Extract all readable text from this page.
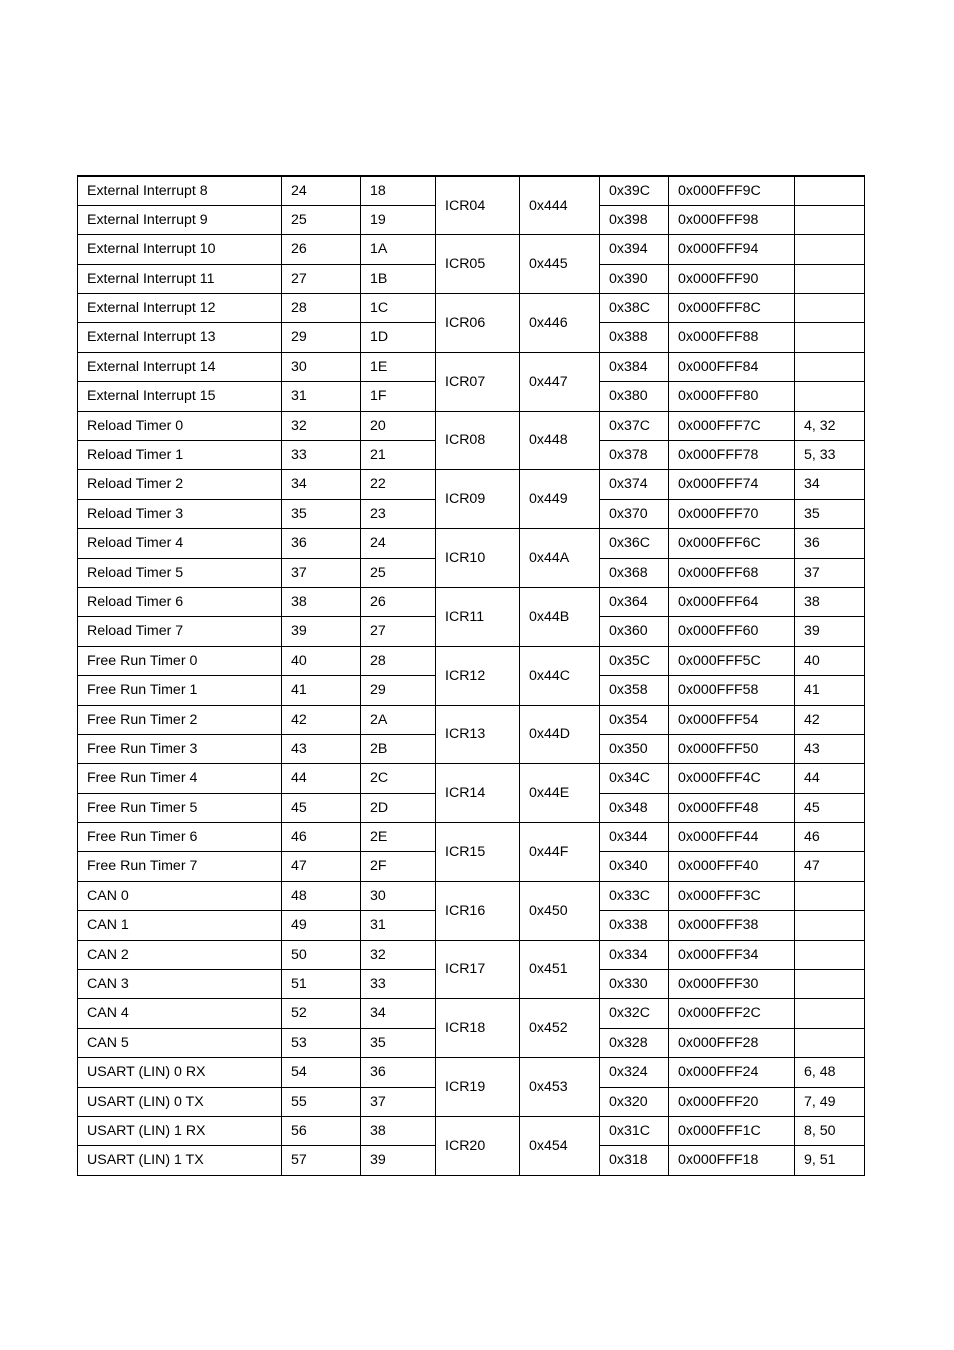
External Interrupt 8	24	18	ICR04	0x444	0x39C	0x000FFF9C	
External Interrupt 9	25	19			0x398	0x000FFF98	
External Interrupt 10	26	1A	ICR05	0x445	0x394	0x000FFF94	
External Interrupt 11	27	1B			0x390	0x000FFF90	
External Interrupt 12	28	1C	ICR06	0x446	0x38C	0x000FFF8C	
External Interrupt 13	29	1D			0x388	0x000FFF88	
External Interrupt 14	30	1E	ICR07	0x447	0x384	0x000FFF84	
External Interrupt 15	31	1F			0x380	0x000FFF80	
Reload Timer 0	32	20	ICR08	0x448	0x37C	0x000FFF7C	4, 32
Reload Timer 1	33	21			0x378	0x000FFF78	5, 33
Reload Timer 2	34	22	ICR09	0x449	0x374	0x000FFF74	34
Reload Timer 3	35	23			0x370	0x000FFF70	35
Reload Timer 4	36	24	ICR10	0x44A	0x36C	0x000FFF6C	36
Reload Timer 5	37	25			0x368	0x000FFF68	37
Reload Timer 6	38	26	ICR11	0x44B	0x364	0x000FFF64	38
Reload Timer 7	39	27			0x360	0x000FFF60	39
Free Run Timer 0	40	28	ICR12	0x44C	0x35C	0x000FFF5C	40
Free Run Timer 1	41	29			0x358	0x000FFF58	41
Free Run Timer 2	42	2A	ICR13	0x44D	0x354	0x000FFF54	42
Free Run Timer 3	43	2B			0x350	0x000FFF50	43
Free Run Timer 4	44	2C	ICR14	0x44E	0x34C	0x000FFF4C	44
Free Run Timer 5	45	2D			0x348	0x000FFF48	45
Free Run Timer 6	46	2E	ICR15	0x44F	0x344	0x000FFF44	46
Free Run Timer 7	47	2F			0x340	0x000FFF40	47
CAN 0	48	30	ICR16	0x450	0x33C	0x000FFF3C	
CAN 1	49	31			0x338	0x000FFF38	
CAN 2	50	32	ICR17	0x451	0x334	0x000FFF34	
CAN 3	51	33			0x330	0x000FFF30	
CAN 4	52	34	ICR18	0x452	0x32C	0x000FFF2C	
CAN 5	53	35			0x328	0x000FFF28	
USART (LIN) 0 RX	54	36	ICR19	0x453	0x324	0x000FFF24	6, 48
USART (LIN) 0 TX	55	37			0x320	0x000FFF20	7, 49
USART (LIN) 1 RX	56	38	ICR20	0x454	0x31C	0x000FFF1C	8, 50
USART (LIN) 1 TX	57	39			0x318	0x000FFF18	9, 51
